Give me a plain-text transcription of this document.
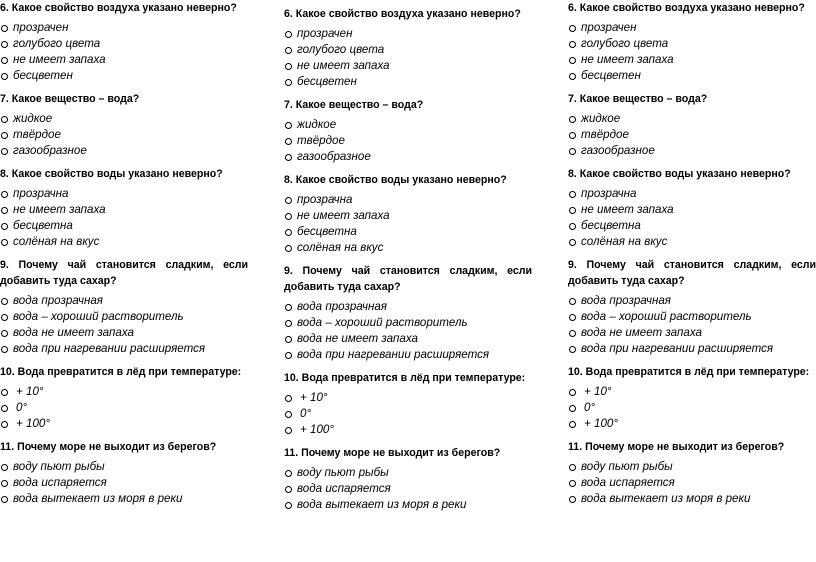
6. Какое свойство воздуха указано неверно?

прозрачен
голубого цвета
не имеет запаха
бесцветен

7. Какое вещество – вода?

жидкое
твёрдое
газообразное

8. Какое свойство воды указано неверно?

прозрачна
не имеет запаха
бесцветна
солёная на вкус

9. Почему чай становится сладким, если добавить туда сахар?

вода прозрачная
вода – хороший растворитель
вода не имеет запаха
вода при нагревании расширяется

10. Вода превратится в лёд при температуре:

+ 10°
0°
+ 100°

11. Почему море не выходит из берегов?

воду пьют рыбы
вода испаряется
вода вытекает из моря в реки

6. Какое свойство воздуха указано неверно?

прозрачен
голубого цвета
не имеет запаха
бесцветен

7. Какое вещество – вода?

жидкое
твёрдое
газообразное

8. Какое свойство воды указано неверно?

прозрачна
не имеет запаха
бесцветна
солёная на вкус

9. Почему чай становится сладким, если добавить туда сахар?

вода прозрачная
вода – хороший растворитель
вода не имеет запаха
вода при нагревании расширяется

10. Вода превратится в лёд при температуре:

+ 10°
0°
+ 100°

11. Почему море не выходит из берегов?

воду пьют рыбы
вода испаряется
вода вытекает из моря в реки

6. Какое свойство воздуха указано неверно?

прозрачен
голубого цвета
не имеет запаха
бесцветен

7. Какое вещество – вода?

жидкое
твёрдое
газообразное

8. Какое свойство воды указано неверно?

прозрачна
не имеет запаха
бесцветна
солёная на вкус

9. Почему чай становится сладким, если добавить туда сахар?

вода прозрачная
вода – хороший растворитель
вода не имеет запаха
вода при нагревании расширяется

10. Вода превратится в лёд при температуре:

+ 10°
0°
+ 100°

11. Почему море не выходит из берегов?

воду пьют рыбы
вода испаряется
вода вытекает из моря в реки
